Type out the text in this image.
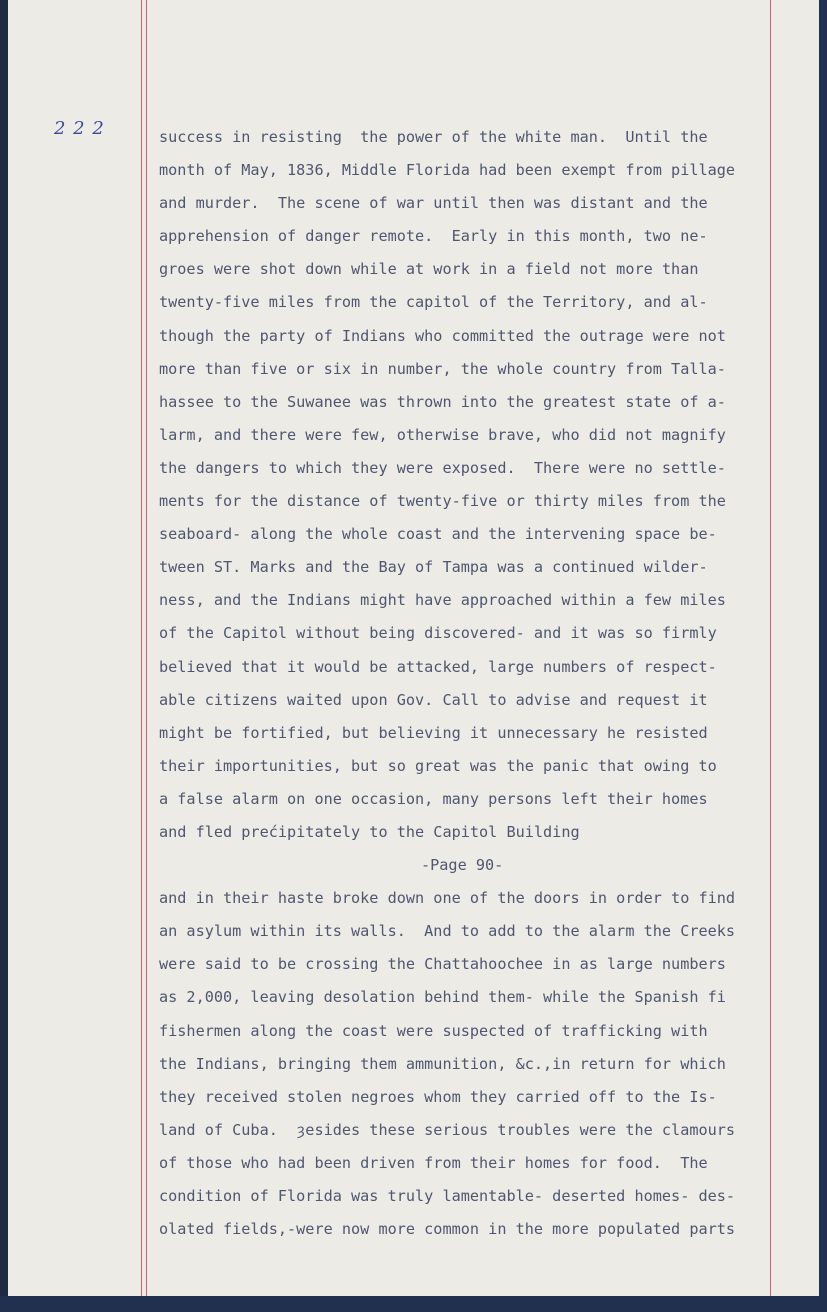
2 2 2	success in resisting  the power of the white man.  Until the
month of May, 1836, Middle Florida had been exempt from pillage
and murder.  The scene of war until then was distant and the
apprehension of danger remote.  Early in this month, two ne-
groes were shot down while at work in a field not more than
twenty-five miles from the capitol of the Territory, and al-
though the party of Indians who committed the outrage were not
more than five or six in number, the whole country from Talla-
hassee to the Suwanee was thrown into the greatest state of a-
larm, and there were few, otherwise brave, who did not magnify
the dangers to which they were exposed.  There were no settle-
ments for the distance of twenty-five or thirty miles from the
seaboard- along the whole coast and the intervening space be-
tween ST. Marks and the Bay of Tampa was a continued wilder-
ness, and the Indians might have approached within a few miles
of the Capitol without being discovered- and it was so firmly
believed that it would be attacked, large numbers of respect-
able citizens waited upon Gov. Call to advise and request it
might be fortified, but believing it unnecessary he resisted
their importunities, but so great was the panic that owing to
a false alarm on one occasion, many persons left their homes
and fled prećipitately to the Capitol Building
-Page 90-
and in their haste broke down one of the doors in order to find
an asylum within its walls.  And to add to the alarm the Creeks
were said to be crossing the Chattahoochee in as large numbers
as 2,000, leaving desolation behind them- while the Spanish fi
fishermen along the coast were suspected of trafficking with
the Indians, bringing them ammunition, &c.,in return for which
they received stolen negroes whom they carried off to the Is-
land of Cuba.  ȝesides these serious troubles were the clamours
of those who had been driven from their homes for food.  The
condition of Florida was truly lamentable- deserted homes- des-
olated fields,-were now more common in the more populated parts
